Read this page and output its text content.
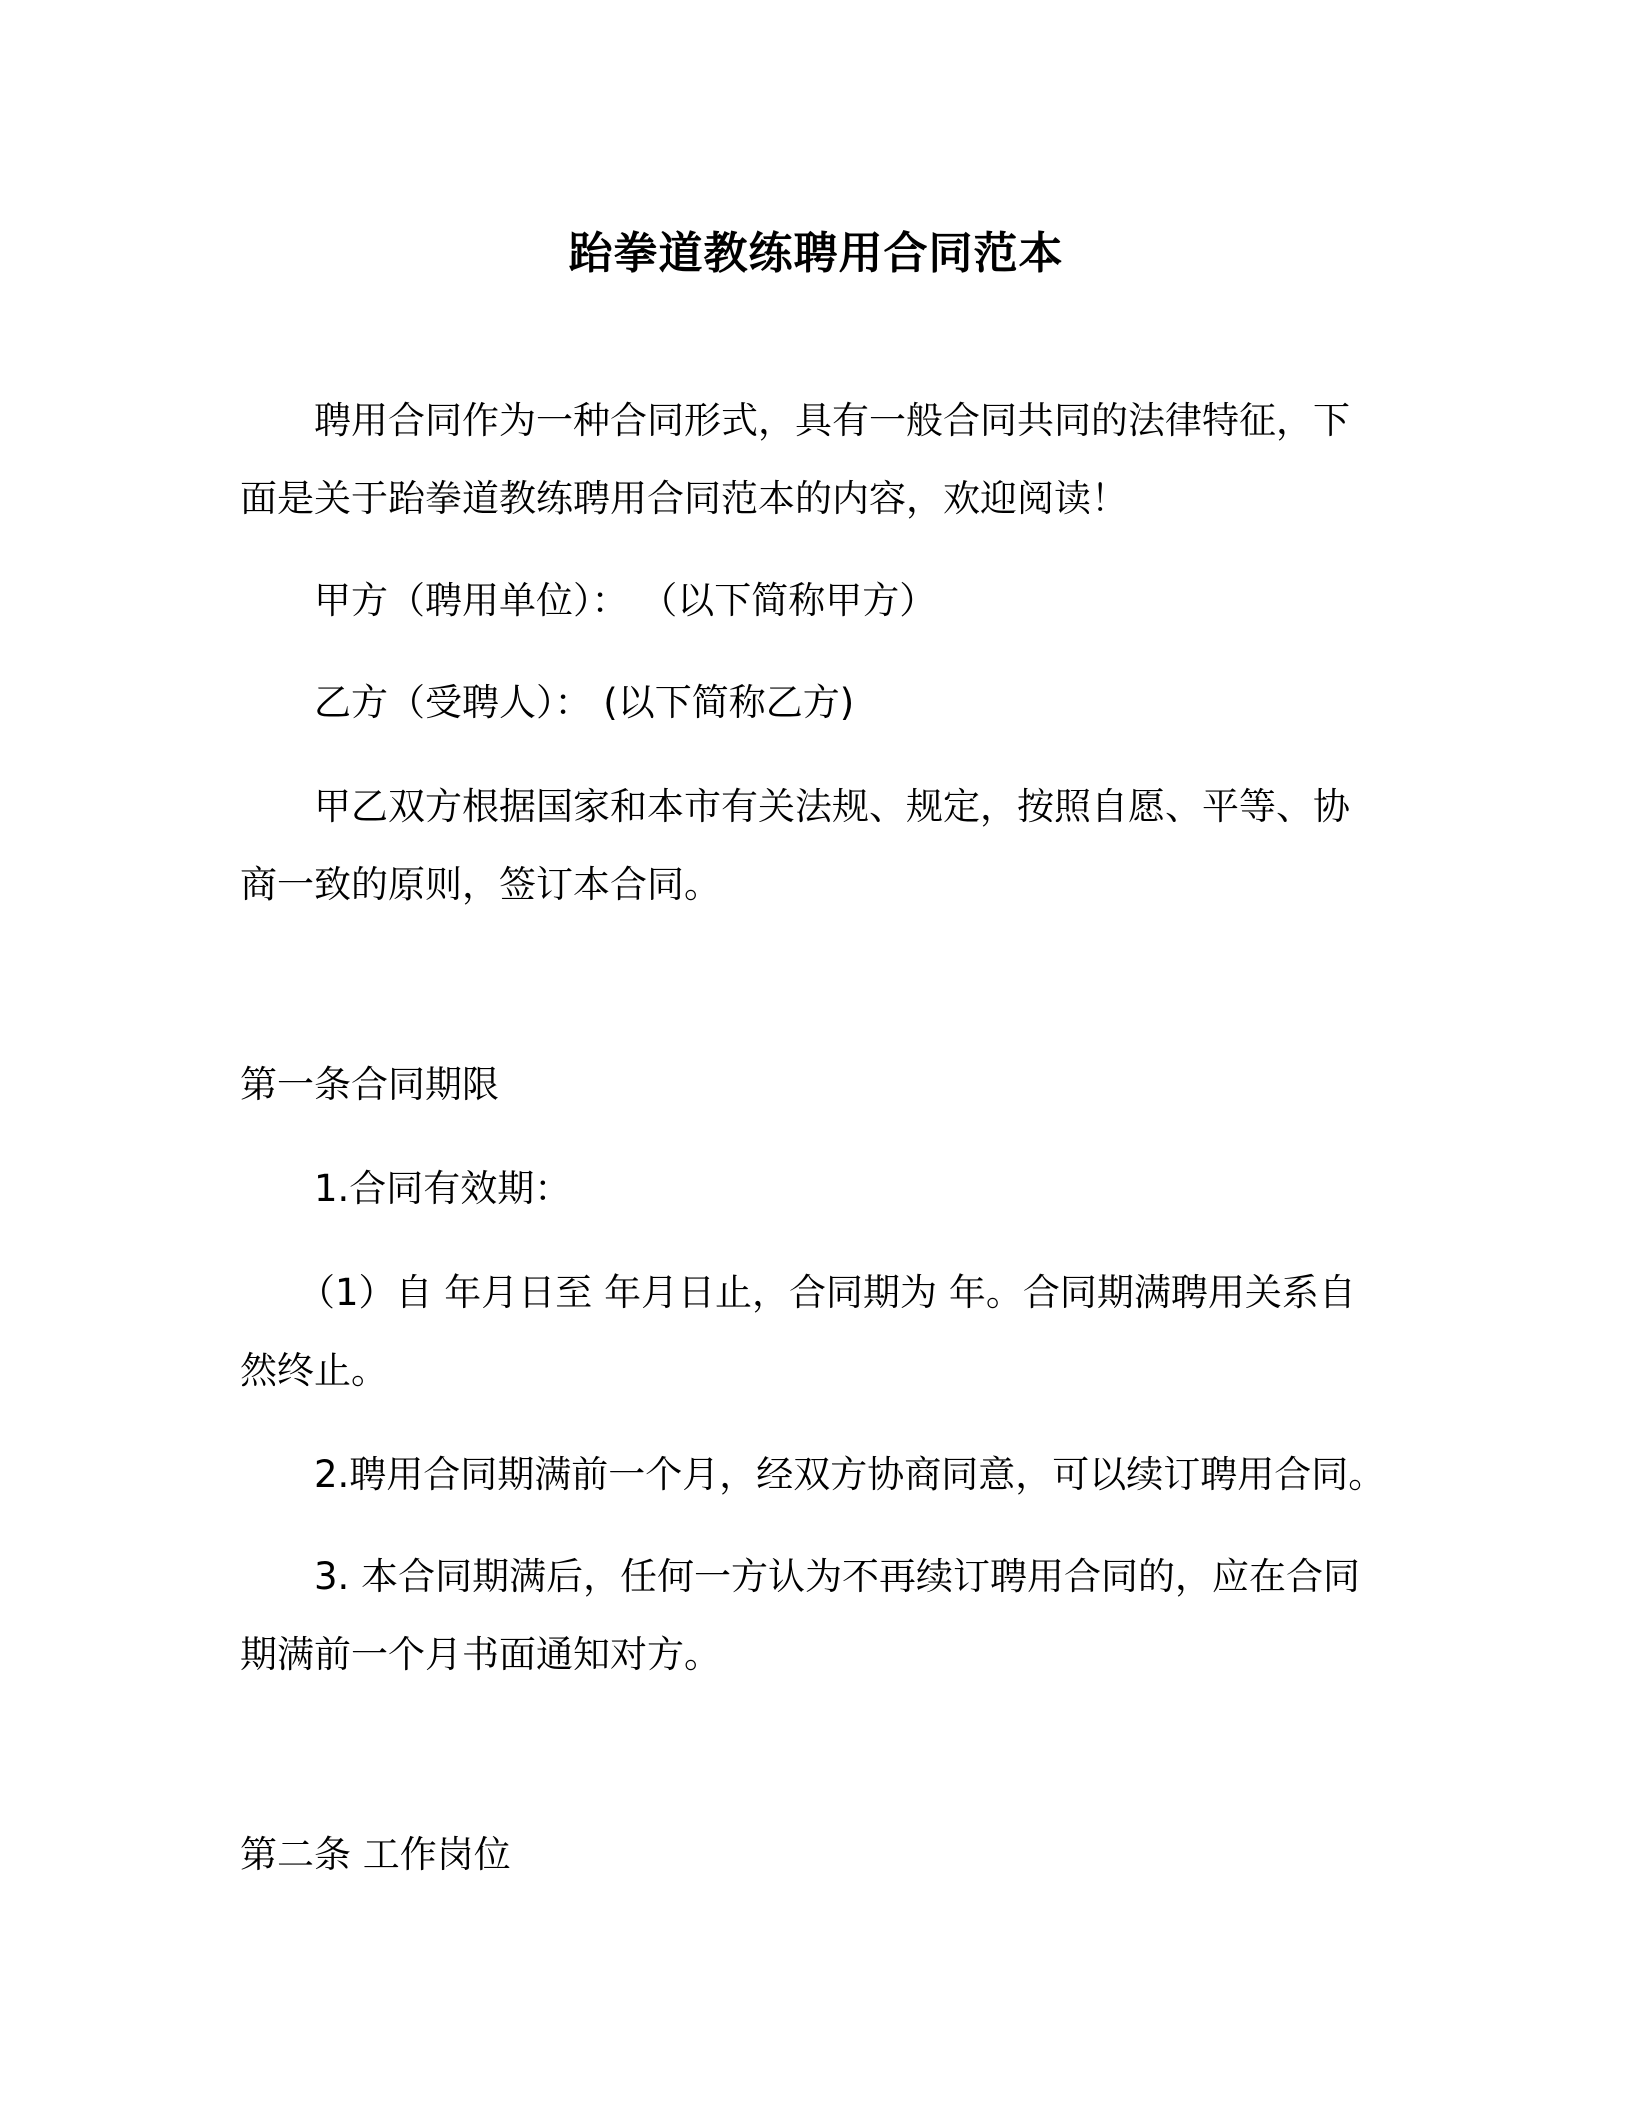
跆拳道教练聘用合同范本

聘用合同作为一种合同形式，具有一般合同共同的法律特征，下
面是关于跆拳道教练聘用合同范本的内容，欢迎阅读！

甲方（聘用单位）： （以下简称甲方）

乙方（受聘人）： (以下简称乙方)

甲乙双方根据国家和本市有关法规、规定，按照自愿、平等、协
商一致的原则，签订本合同。

第一条合同期限

1.合同有效期：

（1）自 年月日至 年月日止，合同期为 年。合同期满聘用关系自
然终止。

2.聘用合同期满前一个月，经双方协商同意，可以续订聘用合同。

3. 本合同期满后，任何一方认为不再续订聘用合同的，应在合同
期满前一个月书面通知对方。

第二条 工作岗位
